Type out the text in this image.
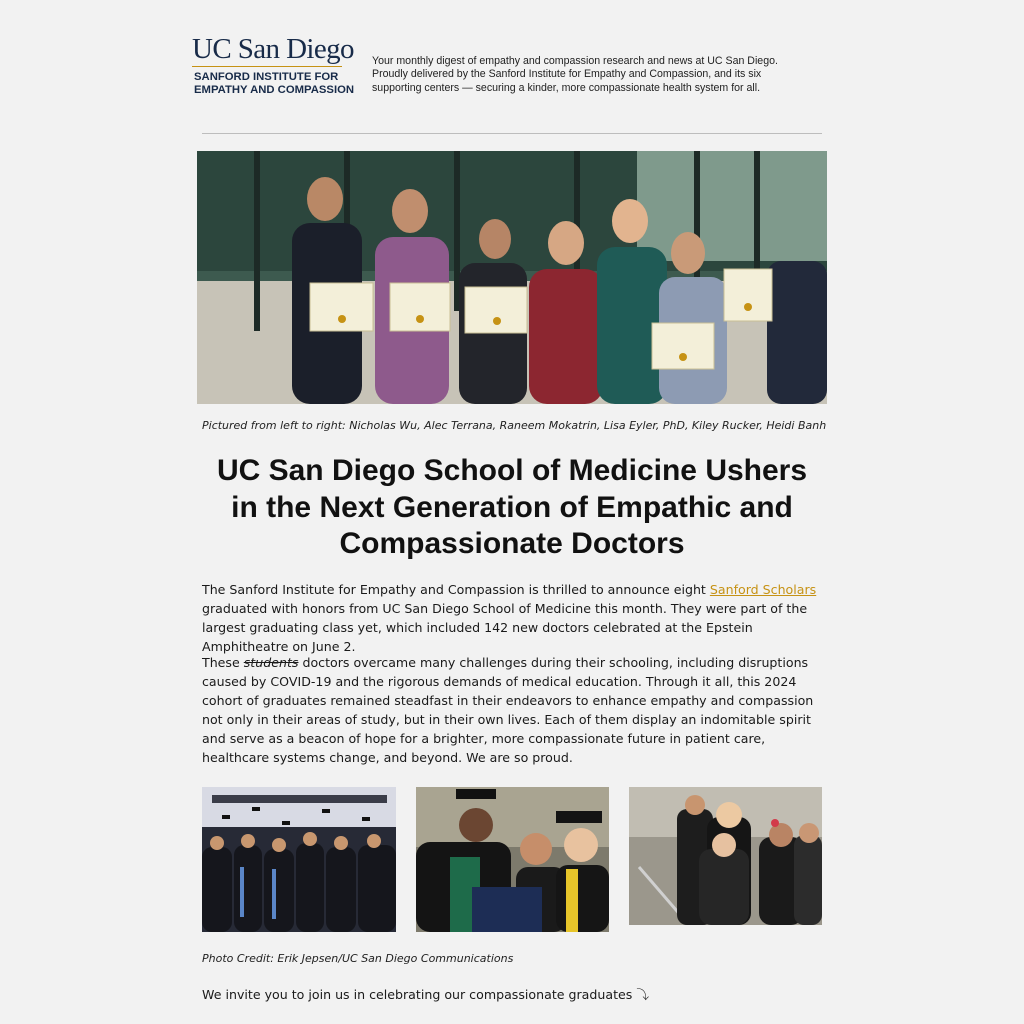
UC San Diego
SANFORD INSTITUTE FOR
EMPATHY AND COMPASSION
Your monthly digest of empathy and compassion research and news at UC San Diego. Proudly delivered by the Sanford Institute for Empathy and Compassion, and its six supporting centers — securing a kinder, more compassionate health system for all.
Pictured from left to right: Nicholas Wu, Alec Terrana, Raneem Mokatrin, Lisa Eyler, PhD, Kiley Rucker, Heidi Banh
UC San Diego School of Medicine Ushers in the Next Generation of Empathic and Compassionate Doctors

The Sanford Institute for Empathy and Compassion is thrilled to announce eight Sanford Scholars graduated with honors from UC San Diego School of Medicine this month. They were part of the largest graduating class yet, which included 142 new doctors celebrated at the Epstein Amphitheatre on June 2.

These students doctors overcame many challenges during their schooling, including disruptions caused by COVID-19 and the rigorous demands of medical education. Through it all, this 2024 cohort of graduates remained steadfast in their endeavors to enhance empathy and compassion not only in their areas of study, but in their own lives. Each of them display an indomitable spirit and serve as a beacon of hope for a brighter, more compassionate future in patient care, healthcare systems change, and beyond. We are so proud.

Photo Credit: Erik Jepsen/UC San Diego Communications

We invite you to join us in celebrating our compassionate graduates ⤵
